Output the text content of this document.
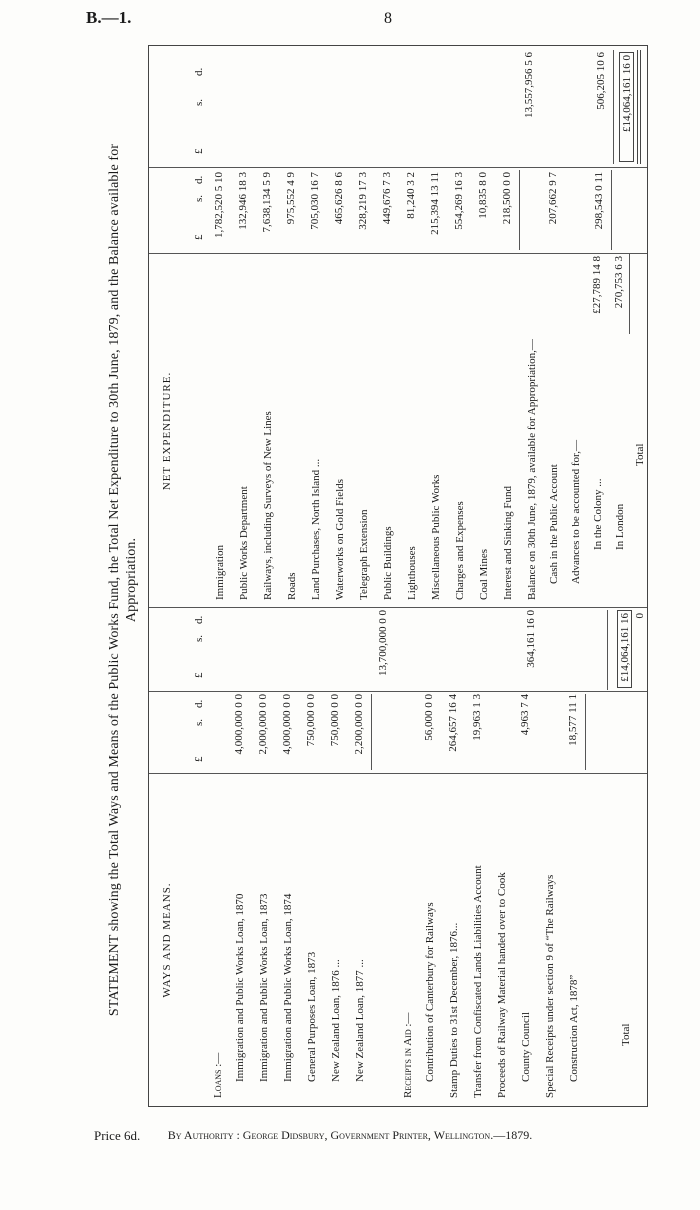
B.—1.	8
STATEMENT showing the Total Ways and Means of the Public Works Fund, the Total Net Expenditure to 30th June, 1879, and the Balance available for Appropriation.
WAYS AND MEANS.
NET EXPENDITURE.
£
s.
d.
£
s.
d.
£
s.
d.
£
s.
d.
Loans :— Immigration and Public Works Loan, 1870
4,000,000 0 0
Immigration and Public Works Loan, 1873
2,000,000 0 0
Immigration and Public Works Loan, 1874
4,000,000 0 0
General Purposes Loan, 1873
750,000 0 0
New Zealand Loan, 1876 ...
750,000 0 0
New Zealand Loan, 1877 ...
2,200,000 0 0
13,700,000 0 0
Receipts in Aid :— Contribution of Canterbury for Railways
56,000 0 0
Stamp Duties to 31st December, 1876...
264,657 16 4
Transfer from Confiscated Lands Liabilities Account
19,963 1 3
Proceeds of Railway Material handed over to Cook County Council
4,963 7 4
Special Receipts under section 9 of “The Railways Construction Act, 1878”
18,577 11 1
364,161 16 0
Total
£14,064,161 16 0
Immigration
1,782,520 5 10
Public Works Department
132,946 18 3
Railways, including Surveys of New Lines
7,638,134 5 9
Roads
975,552 4 9
Land Purchases, North Island ...
705,030 16 7
Waterworks on Gold Fields
465,626 8 6
Telegraph Extension
328,219 17 3
Public Buildings
449,676 7 3
Lighthouses
81,240 3 2
Miscellaneous Public Works
215,394 13 11
Charges and Expenses
554,269 16 3
Coal Mines
10,835 8 0
Interest and Sinking Fund
218,500 0 0
13,557,956 5 6
Balance on 30th June, 1879, available for Appropriation,— Cash in the Public Account
207,662 9 7
Advances to be accounted for,— In the Colony ...
£27,789 14 8
In London
270,753 6 3
298,543 0 11
506,205 10 6
Total
£14,064,161 16 0
By Authority : George Didsbury, Government Printer, Wellington.—1879.
Price 6d.
